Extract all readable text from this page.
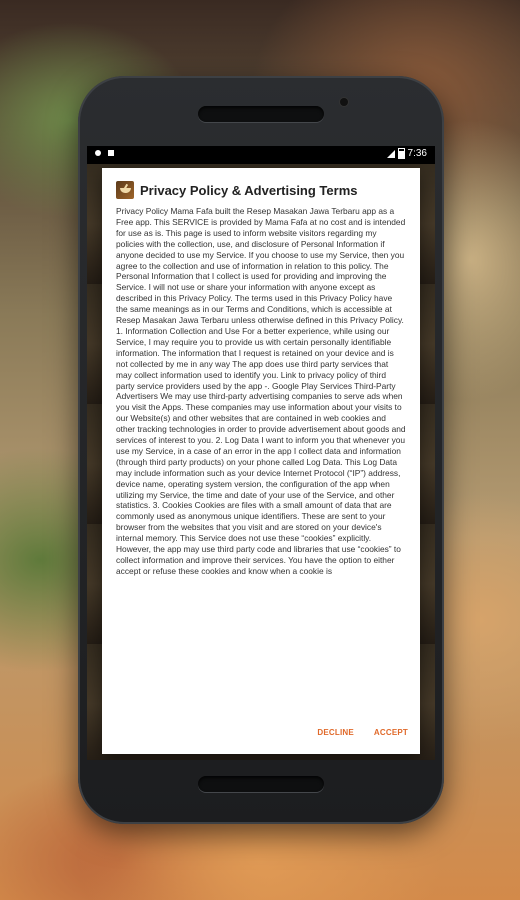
7:36
Privacy Policy & Advertising Terms
Privacy Policy Mama Fafa built the Resep Masakan Jawa Terbaru app as a Free app. This SERVICE is provided by Mama Fafa at no cost and is intended for use as is. This page is used to inform website visitors regarding my policies with the collection, use, and disclosure of Personal Information if anyone decided to use my Service. If you choose to use my Service, then you agree to the collection and use of information in relation to this policy. The Personal Information that I collect is used for providing and improving the Service. I will not use or share your information with anyone except as described in this Privacy Policy. The terms used in this Privacy Policy have the same meanings as in our Terms and Conditions, which is accessible at Resep Masakan Jawa Terbaru unless otherwise defined in this Privacy Policy. 1. Information Collection and Use For a better experience, while using our Service, I may require you to provide us with certain personally identifiable information. The information that I request is retained on your device and is not collected by me in any way The app does use third party services that may collect information used to identify you. Link to privacy policy of third party service providers used by the app -. Google Play Services Third-Party Advertisers We may use third-party advertising companies to serve ads when you visit the Apps. These companies may use information about your visits to our Website(s) and other websites that are contained in web cookies and other tracking technologies in order to provide advertisement about goods and services of interest to you. 2. Log Data I want to inform you that whenever you use my Service, in a case of an error in the app I collect data and information (through third party products) on your phone called Log Data. This Log Data may include information such as your device Internet Protocol (“IP”) address, device name, operating system version, the configuration of the app when utilizing my Service, the time and date of your use of the Service, and other statistics. 3. Cookies Cookies are files with a small amount of data that are commonly used as anonymous unique identifiers. These are sent to your browser from the websites that you visit and are stored on your device's internal memory. This Service does not use these “cookies” explicitly. However, the app may use third party code and libraries that use “cookies” to collect information and improve their services. You have the option to either accept or refuse these cookies and know when a cookie is
DECLINE	ACCEPT
